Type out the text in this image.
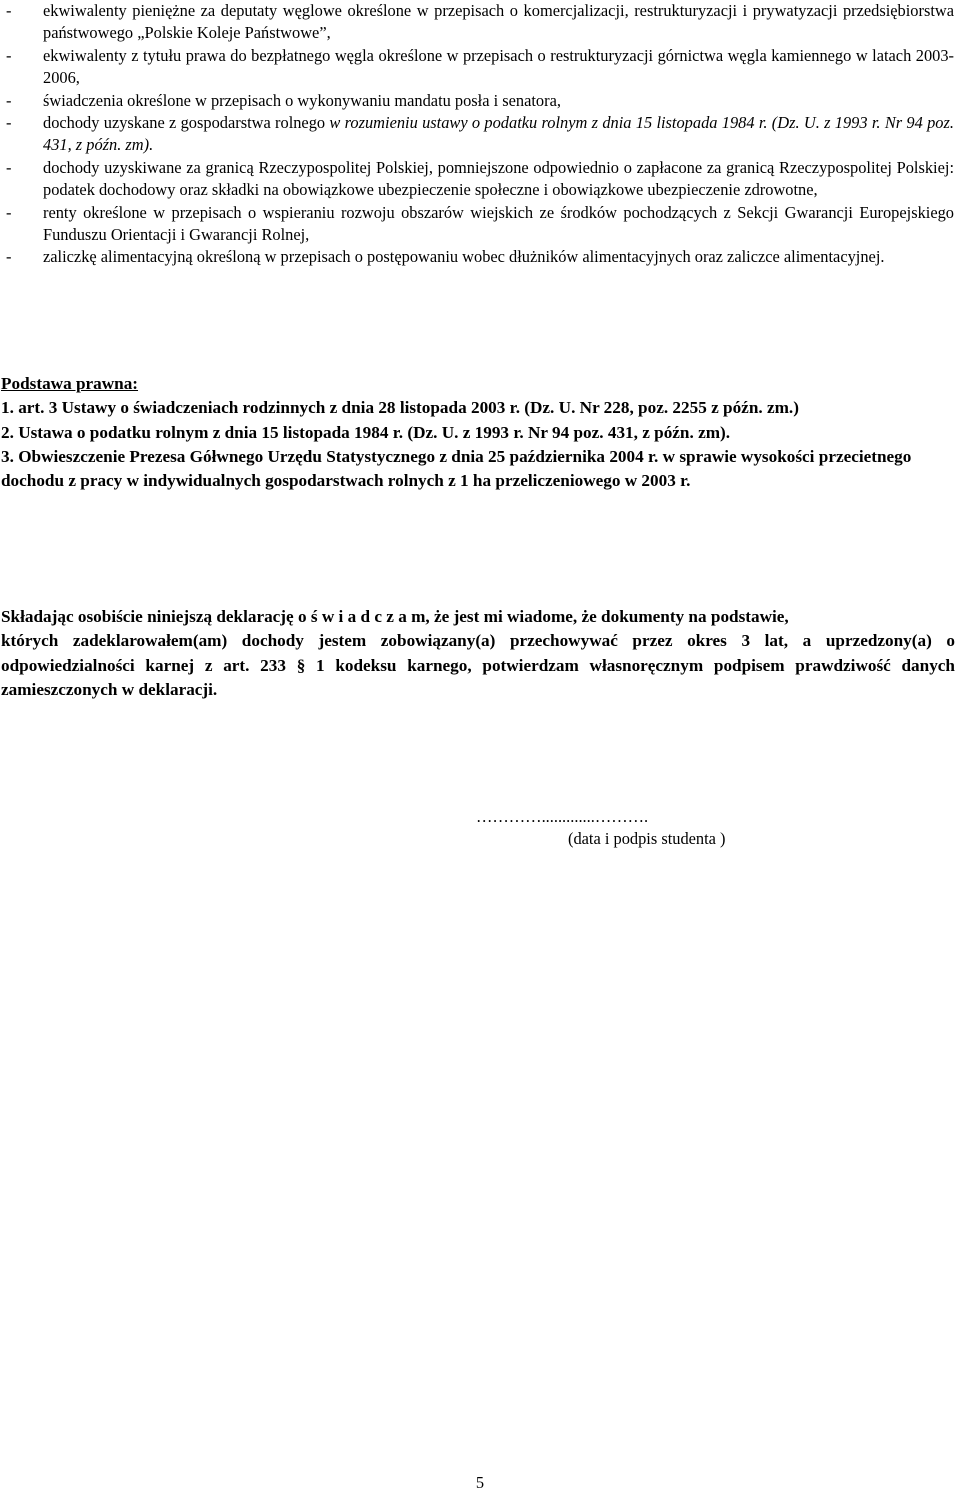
- ekwiwalenty pieniężne za deputaty węglowe określone w przepisach o komercjalizacji, restrukturyzacji i prywatyzacji przedsiębiorstwa państwowego „Polskie Koleje Państwowe”,
- ekwiwalenty z tytułu prawa do bezpłatnego węgla określone w przepisach o restrukturyzacji górnictwa węgla kamiennego w latach 2003-2006,
- świadczenia określone w przepisach o wykonywaniu mandatu posła i senatora,
- dochody uzyskane z gospodarstwa rolnego w rozumieniu ustawy o podatku rolnym z dnia 15 listopada 1984 r. (Dz. U. z 1993 r. Nr 94 poz. 431, z późn. zm).
- dochody uzyskiwane za granicą Rzeczypospolitej Polskiej, pomniejszone odpowiednio o zapłacone za granicą Rzeczypospolitej Polskiej: podatek dochodowy oraz składki na obowiązkowe ubezpieczenie społeczne i obowiązkowe ubezpieczenie zdrowotne,
- renty określone w przepisach o wspieraniu rozwoju obszarów wiejskich ze środków pochodzących z Sekcji Gwarancji Europejskiego Funduszu Orientacji i Gwarancji Rolnej,
- zaliczkę alimentacyjną określoną w przepisach o postępowaniu wobec dłużników alimentacyjnych oraz zaliczce alimentacyjnej.
Podstawa prawna:
1. art. 3 Ustawy o świadczeniach rodzinnych z dnia 28 listopada 2003 r. (Dz. U. Nr 228, poz. 2255 z późn. zm.)
2. Ustawa o podatku rolnym z dnia 15 listopada 1984 r. (Dz. U. z 1993 r. Nr 94 poz. 431, z późn. zm).
3. Obwieszczenie Prezesa Gółwnego Urzędu Statystycznego z dnia 25 października 2004 r. w sprawie wysokości przecietnego dochodu z pracy w indywidualnych gospodarstwach rolnych z 1 ha przeliczeniowego w 2003 r.

Składając osobiście niniejszą deklarację o ś w i a d c z a m, że jest mi wiadome, że dokumenty na podstawie,

których zadeklarowałem(am) dochody jestem zobowiązany(a) przechowywać przez okres 3 lat, a uprzedzony(a) o odpowiedzialności karnej z art. 233 § 1 kodeksu karnego, potwierdzam własnoręcznym podpisem prawdziwość danych zamieszczonych w deklaracji.

………….............……….
(data i podpis studenta )
5
